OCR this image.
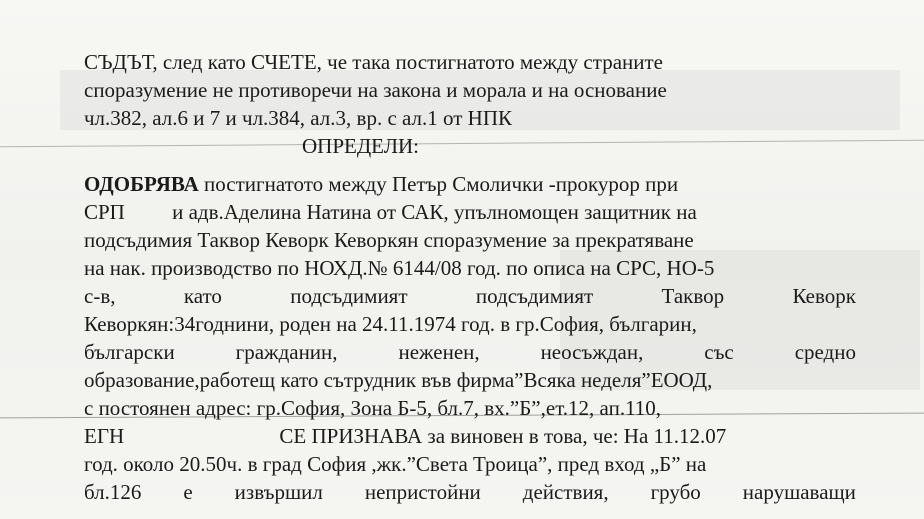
СЪДЪТ, след като СЧЕТЕ, че така постигнатото между страните
споразумение не противоречи на закона и морала и на основание
чл.382, ал.6 и 7 и чл.384, ал.3, вр. с ал.1 от НПК
ОПРЕДЕЛИ:
ОДОБРЯВА постигнатото между Петър Смолички -прокурор при
СРП и адв.Аделина Натина от САК, упълномощен защитник на
подсъдимия Таквор Кеворк Кеворкян споразумение за прекратяване
на нак. производство по НОХД.№ 6144/08 год. по описа на СРС, НО-5
с-в,	като	подсъдимият	подсъдимият	Таквор	Кеворк
Кеворкян:34годнини, роден на 24.11.1974 год. в гр.София, българин,
български	гражданин,	неженен,	неосъждан,	със	средно
образование,работещ като сътрудник във фирма”Всяка неделя”ЕООД,
с постоянен адрес: гр.София, Зона Б-5, бл.7, вх.”Б”,ет.12, ап.110,
ЕГН	СЕ ПРИЗНАВА за виновен в това, че: На 11.12.07
год. около 20.50ч. в град София ,жк.”Света Троица”, пред вход „Б” на
бл.126 е извършил непристойни действия, грубо нарушаващи
